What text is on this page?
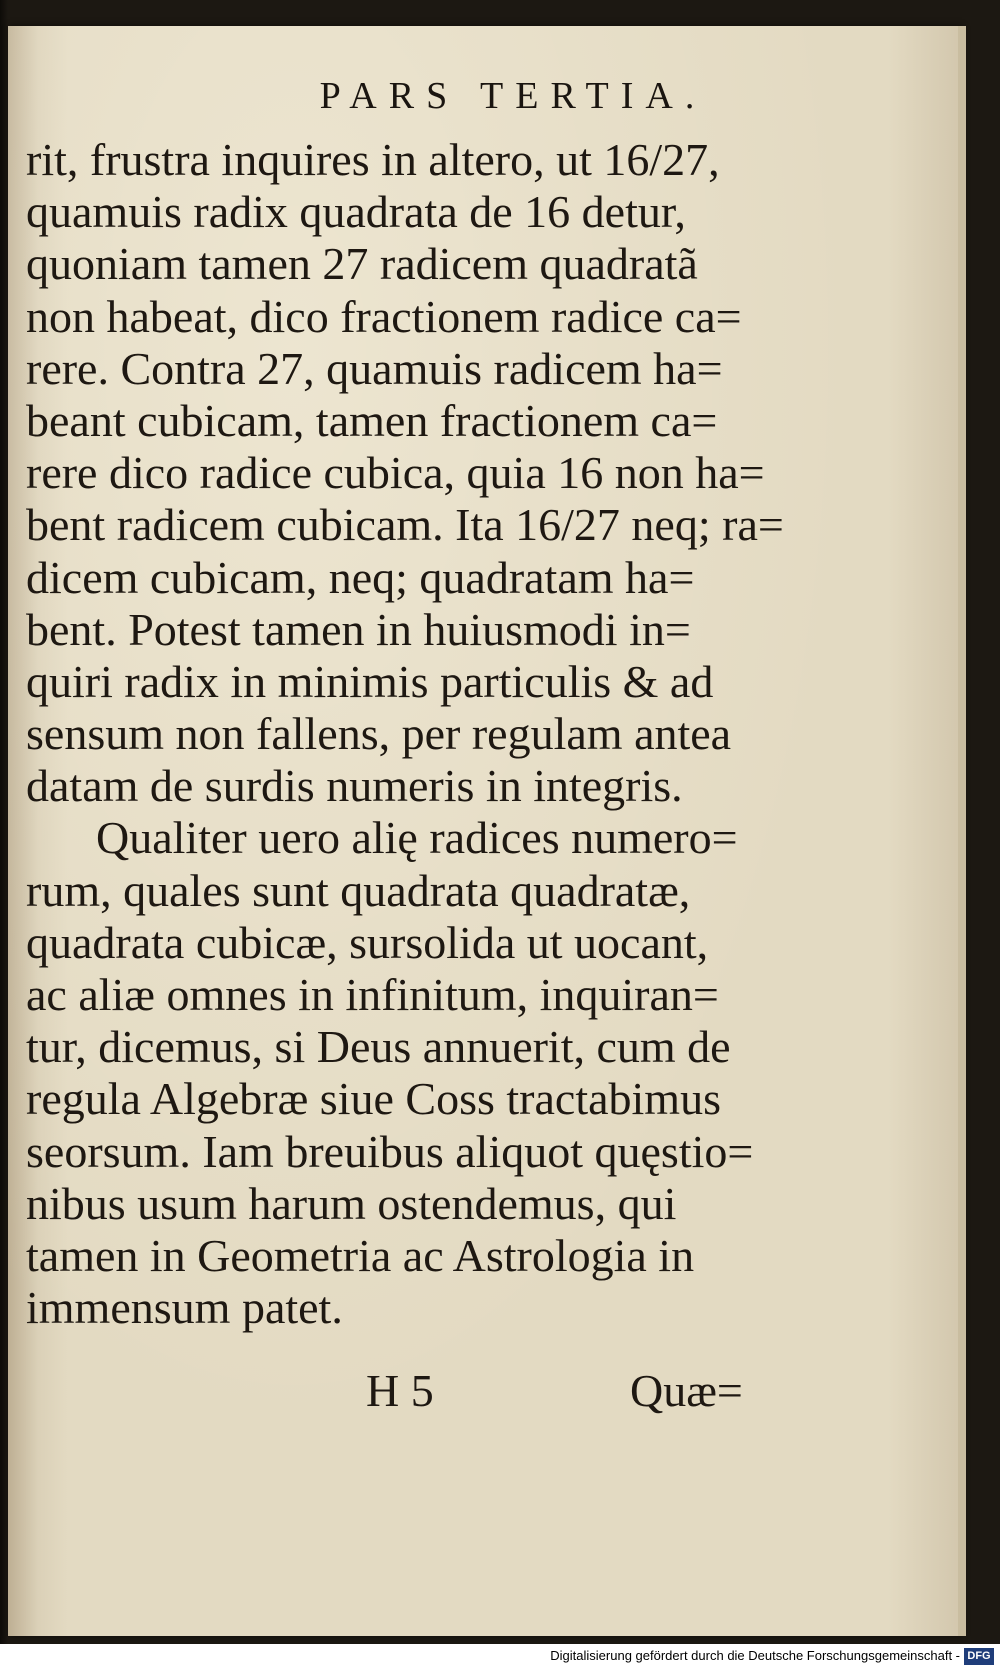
PARS TERTIA.
rit, frustra inquires in altero, ut 16/27,
quamuis radix quadrata de 16 detur,
quoniam tamen 27 radicem quadratã
non habeat, dico fractionem radice ca=
rere. Contra 27, quamuis radicem ha=
beant cubicam, tamen fractionem ca=
rere dico radice cubica, quia 16 non ha=
bent radicem cubicam. Ita 16/27 neq; ra=
dicem cubicam, neq; quadratam ha=
bent. Potest tamen in huiusmodi in=
quiri radix in minimis particulis & ad
sensum non fallens, per regulam antea
datam de surdis numeris in integris.
Qualiter uero alię radices numero=
rum, quales sunt quadrata quadratæ,
quadrata cubicæ, sursolida ut uocant,
ac aliæ omnes in infinitum, inquiran=
tur, dicemus, si Deus annuerit, cum de
regula Algebræ siue Coss tractabimus
seorsum. Iam breuibus aliquot quęstio=
nibus usum harum ostendemus, qui
tamen in Geometria ac Astrologia in
immensum patet.
H 5	Quæ=
Digitalisierung gefördert durch die Deutsche Forschungsgemeinschaft - DFG
